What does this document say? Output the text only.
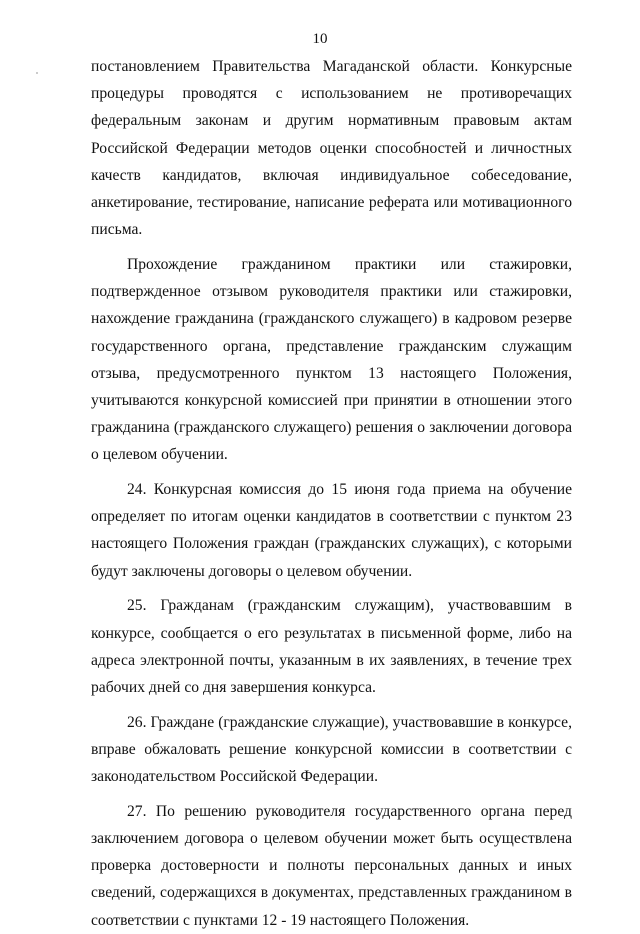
10

постановлением Правительства Магаданской области. Конкурсные процедуры проводятся с использованием не противоречащих федеральным законам и другим нормативным правовым актам Российской Федерации методов оценки способностей и личностных качеств кандидатов, включая индивидуальное собеседование, анкетирование, тестирование, написание реферата или мотивационного письма.

Прохождение гражданином практики или стажировки, подтвержденное отзывом руководителя практики или стажировки, нахождение гражданина (гражданского служащего) в кадровом резерве государственного органа, представление гражданским служащим отзыва, предусмотренного пунктом 13 настоящего Положения, учитываются конкурсной комиссией при принятии в отношении этого гражданина (гражданского служащего) решения о заключении договора о целевом обучении.

24. Конкурсная комиссия до 15 июня года приема на обучение определяет по итогам оценки кандидатов в соответствии с пунктом 23 настоящего Положения граждан (гражданских служащих), с которыми будут заключены договоры о целевом обучении.

25. Гражданам (гражданским служащим), участвовавшим в конкурсе, сообщается о его результатах в письменной форме, либо на адреса электронной почты, указанным в их заявлениях, в течение трех рабочих дней со дня завершения конкурса.

26. Граждане (гражданские служащие), участвовавшие в конкурсе, вправе обжаловать решение конкурсной комиссии в соответствии с законодательством Российской Федерации.

27. По решению руководителя государственного органа перед заключением договора о целевом обучении может быть осуществлена проверка достоверности и полноты персональных данных и иных сведений, содержащихся в документах, представленных гражданином в соответствии с пунктами 12 - 19 настоящего Положения.
